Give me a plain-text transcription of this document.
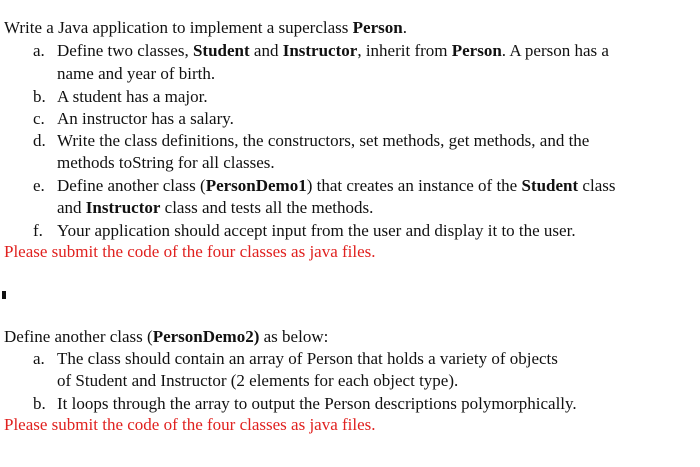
Write a Java application to implement a superclass Person.
a. Define two classes, Student and Instructor, inherit from Person. A person has a
name and year of birth.
b. A student has a major.
c. An instructor has a salary.
d. Write the class definitions, the constructors, set methods, get methods, and the
methods toString for all classes.
e. Define another class (PersonDemo1) that creates an instance of the Student class
and Instructor class and tests all the methods.
f. Your application should accept input from the user and display it to the user.
Please submit the code of the four classes as java files.
Define another class (PersonDemo2) as below:
a. The class should contain an array of Person that holds a variety of objects
of Student and Instructor (2 elements for each object type).
b. It loops through the array to output the Person descriptions polymorphically.
Please submit the code of the four classes as java files.
